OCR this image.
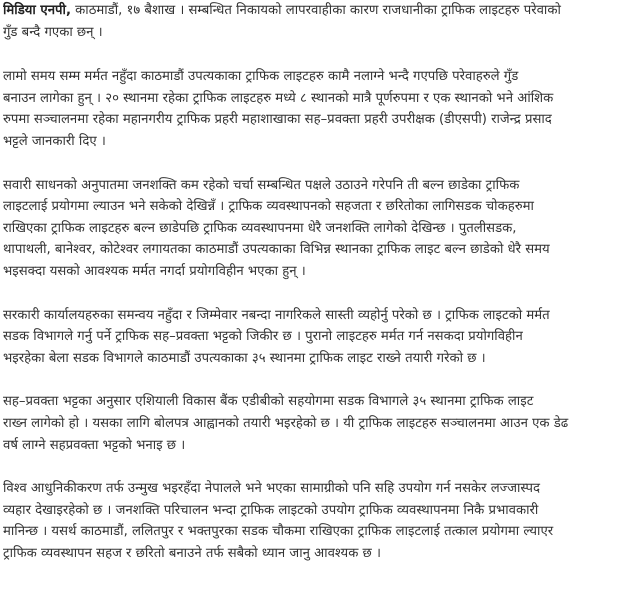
मिडिया एनपी, काठमाडौं, १७ बैशाख । सम्बन्धित निकायको लापरवाहीका कारण राजधानीका ट्राफिक लाइटहरु परेवाको
गुँड बन्दै गएका छन् ।
लामो समय सम्म मर्मत नहुँदा काठमाडौं उपत्यकाका ट्राफिक लाइटहरु कामै नलाग्ने भन्दै गएपछि परेवाहरुले गुँड
बनाउन लागेका हुन् । २० स्थानमा रहेका ट्राफिक लाइटहरु मध्ये ८ स्थानको मात्रै पूर्णरुपमा र एक स्थानको भने आंशिक
रुपमा सञ्चालनमा रहेका महानगरीय ट्राफिक प्रहरी महाशाखाका सह–प्रवक्ता प्रहरी उपरीक्षक (डीएसपी) राजेन्द्र प्रसाद
भट्टले जानकारी दिए ।
सवारी साधनको अनुपातमा जनशक्ति कम रहेको चर्चा सम्बन्धित पक्षले उठाउने गरेपनि ती बल्न छाडेका ट्राफिक
लाइटलाई प्रयोगमा ल्याउन भने सकेको देखिन्नँ । ट्राफिक व्यवस्थापनको सहजता र छरितोका लागिसडक चोकहरुमा
राखिएका ट्राफिक लाइटहरु बल्न छाडेपछि ट्राफिक व्यवस्थापनमा धेरै जनशक्ति लागेको देखिन्छ । पुतलीसडक,
थापाथली, बानेश्वर, कोटेश्वर लगायतका काठमाडौं उपत्यकाका विभिन्न स्थानका ट्राफिक लाइट बल्न छाडेको धेरै समय
भइसक्दा यसको आवश्यक मर्मत नगर्दा प्रयोगविहीन भएका हुन् ।
सरकारी कार्यालयहरुका समन्वय नहुँदा र जिम्मेवार नबन्दा नागरिकले सास्ती व्यहोर्नु परेको छ । ट्राफिक लाइटको मर्मत
सडक विभागले गर्नु पर्ने ट्राफिक सह–प्रवक्ता भट्टको जिकीर छ । पुरानो लाइटहरु मर्मत गर्न नसकदा प्रयोगविहीन
भइरहेका बेला सडक विभागले काठमाडौं उपत्यकाका ३५ स्थानमा ट्राफिक लाइट राख्ने तयारी गरेको छ ।
सह–प्रवक्ता भट्टका अनुसार एशियाली विकास बैंक एडीबीको सहयोगमा सडक विभागले ३५ स्थानमा ट्राफिक लाइट
राख्न लागेको हो । यसका लागि बोलपत्र आह्वानको तयारी भइरहेको छ । यी ट्राफिक लाइटहरु सञ्चालनमा आउन एक डेढ
वर्ष लाग्ने सहप्रवक्ता भट्टको भनाइ छ ।
विश्व आधुनिकीकरण तर्फ उन्मुख भइरहँदा नेपालले भने भएका सामाग्रीको पनि सहि उपयोग गर्न नसकेर लज्जास्पद
व्यहार देखाइरहेको छ । जनशक्ति परिचालन भन्दा ट्राफिक लाइटको उपयोग ट्राफिक व्यवस्थापनमा निकै प्रभावकारी
मानिन्छ । यसर्थ काठमाडौं, ललितपुर र भक्तपुरका सडक चौकमा राखिएका ट्राफिक लाइटलाई तत्काल प्रयोगमा ल्याएर
ट्राफिक व्यवस्थापन सहज र छरितो बनाउने तर्फ सबैको ध्यान जानु आवश्यक छ ।
